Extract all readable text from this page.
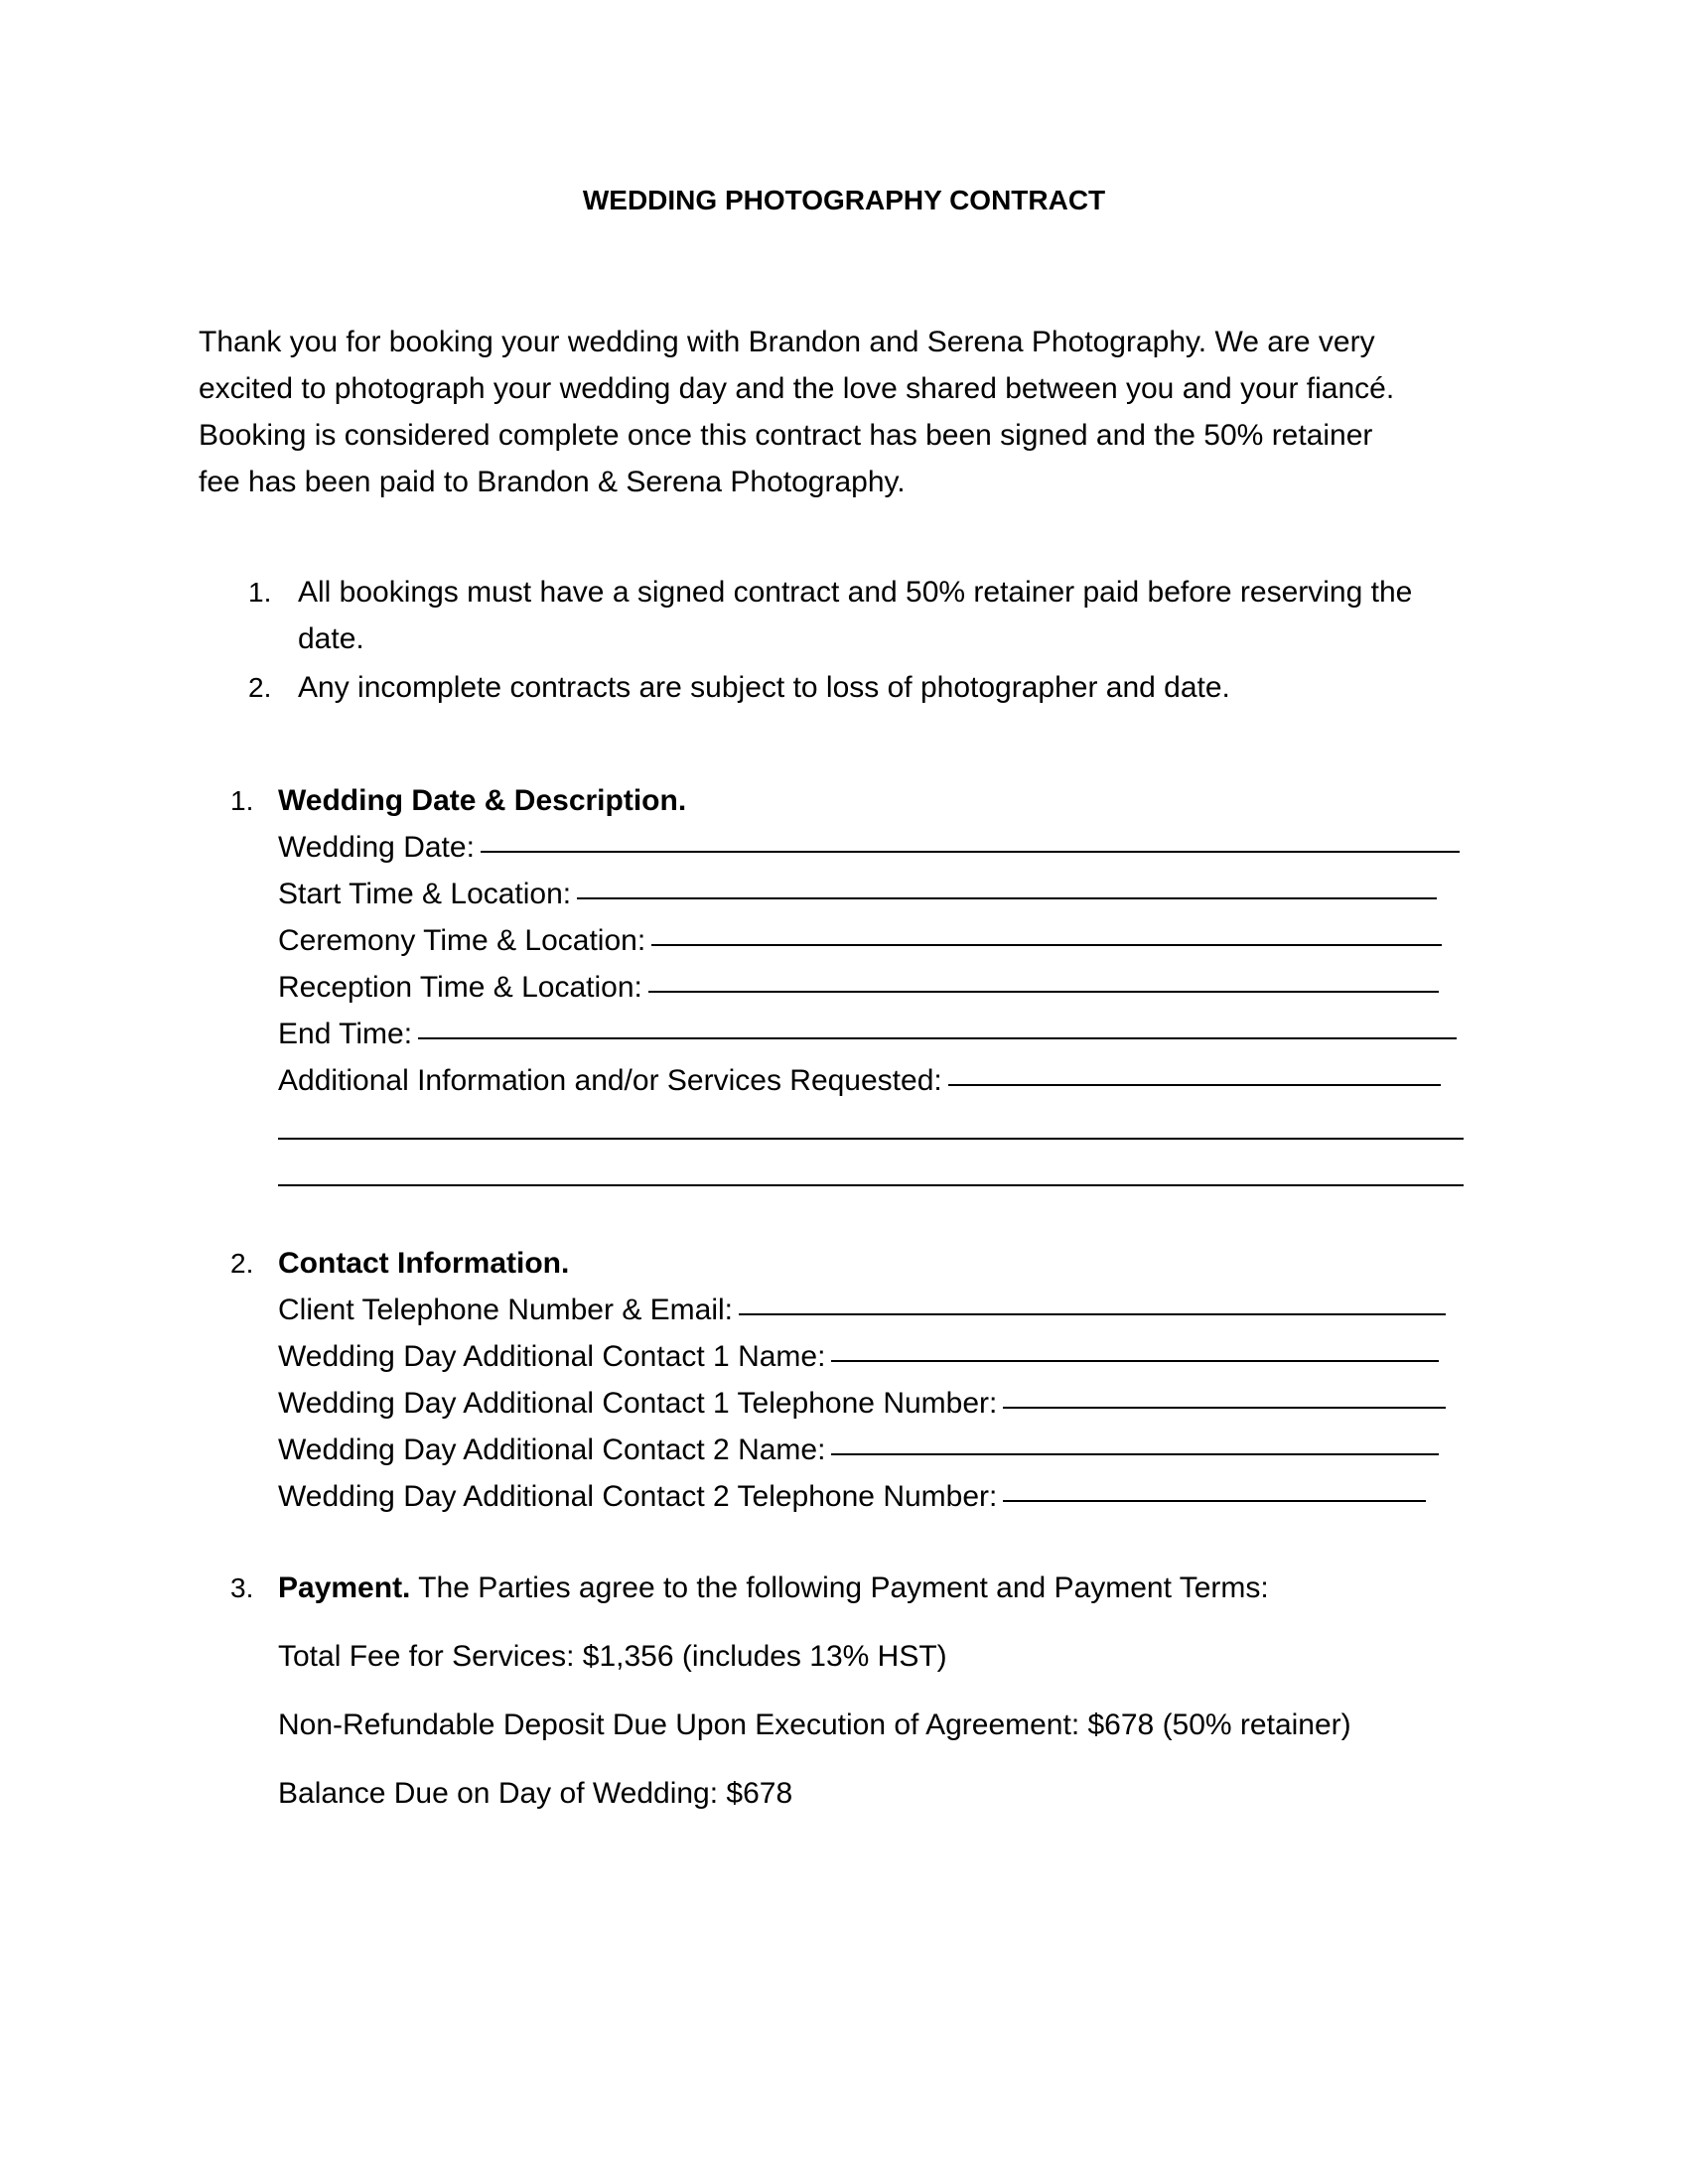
WEDDING PHOTOGRAPHY CONTRACT
Thank you for booking your wedding with Brandon and Serena Photography. We are very
excited to photograph your wedding day and the love shared between you and your fiancé.
Booking is considered complete once this contract has been signed and the 50% retainer
fee has been paid to Brandon & Serena Photography.
1. All bookings must have a signed contract and 50% retainer paid before reserving the date.
2. Any incomplete contracts are subject to loss of photographer and date.
1. Wedding Date & Description.
Wedding Date:
Start Time & Location:
Ceremony Time & Location:
Reception Time & Location:
End Time:
Additional Information and/or Services Requested:
2. Contact Information.
Client Telephone Number & Email:
Wedding Day Additional Contact 1 Name:
Wedding Day Additional Contact 1 Telephone Number:
Wedding Day Additional Contact 2 Name:
Wedding Day Additional Contact 2 Telephone Number:
3. Payment. The Parties agree to the following Payment and Payment Terms:
Total Fee for Services: $1,356 (includes 13% HST)
Non-Refundable Deposit Due Upon Execution of Agreement: $678 (50% retainer)
Balance Due on Day of Wedding: $678
